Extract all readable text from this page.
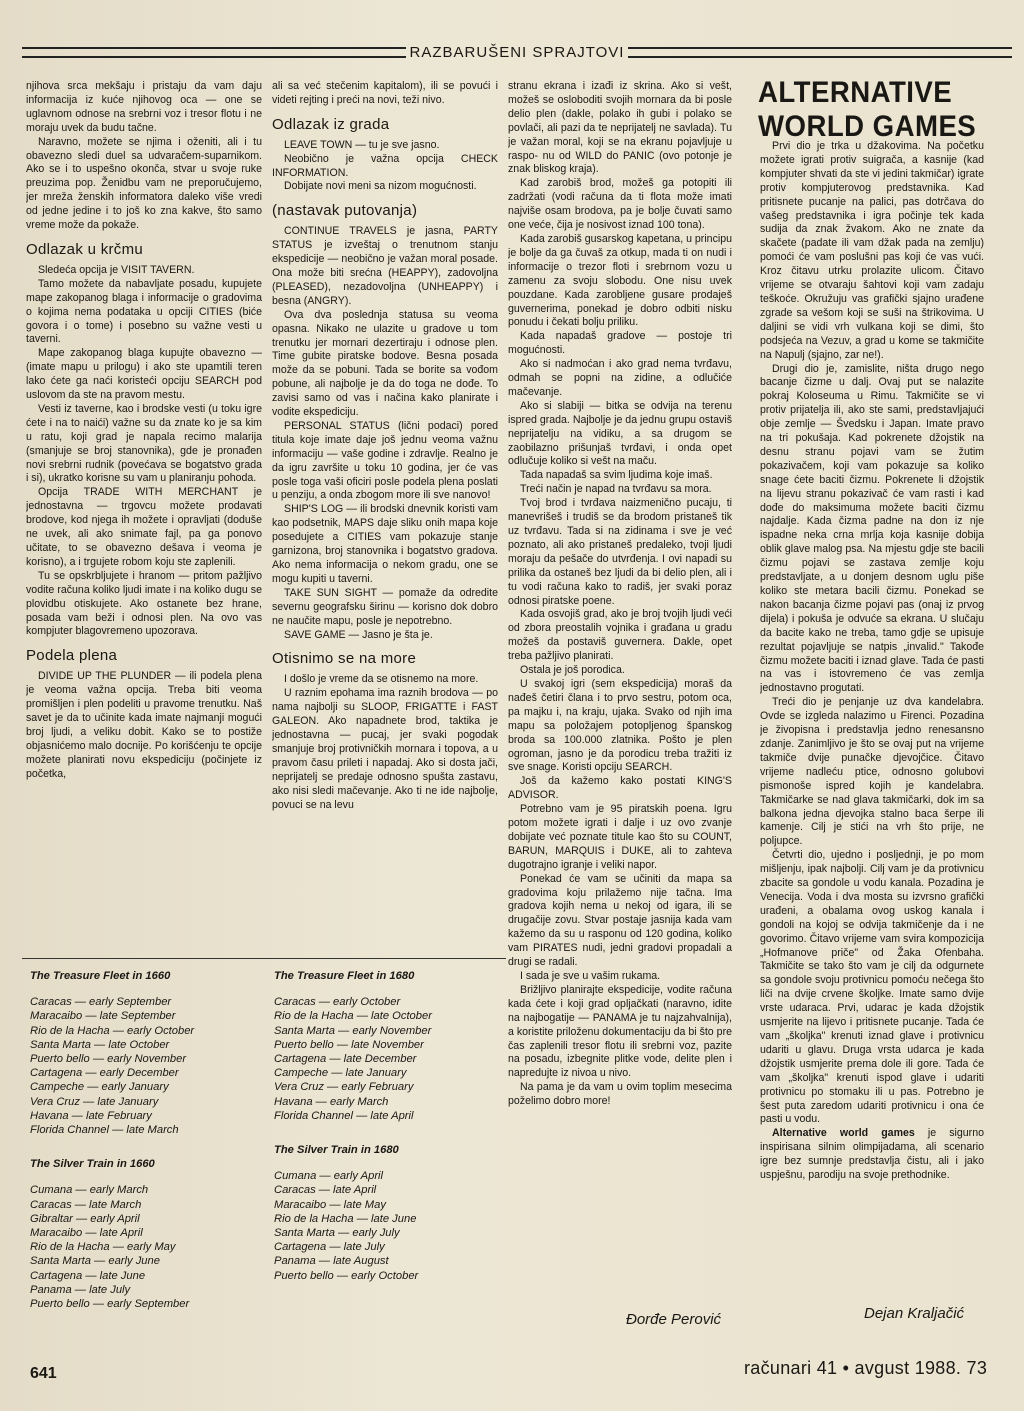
RAZBARUŠENI SPRAJTOVI

njihova srca mekšaju i pristaju da vam daju informacija iz kuće njihovog oca — one se uglavnom odnose na srebrni voz i tresor flotu i ne moraju uvek da budu tačne.

Naravno, možete se njima i oženiti, ali i tu obavezno sledi duel sa udvaračem-suparnikom. Ako se i to uspešno okonča, stvar u svoje ruke preuzima pop. Ženidbu vam ne preporučujemo, jer mreža ženskih informatora daleko više vredi od jedne jedine i to još ko zna kakve, što samo vreme može da pokaže.

Odlazak u krčmu

Sledeća opcija je VISIT TAVERN.

Tamo možete da nabavljate posadu, kupujete mape zakopanog blaga i informacije o gradovima o kojima nema podataka u opciji CITIES (biće govora i o tome) i posebno su važne vesti u taverni.

Mape zakopanog blaga kupujte obavezno — (imate mapu u prilogu) i ako ste upamtili teren lako ćete ga naći koristeći opciju SEARCH pod uslovom da ste na pravom mestu.

Vesti iz taverne, kao i brodske vesti (u toku igre ćete i na to naići) važne su da znate ko je sa kim u ratu, koji grad je napala recimo malarija (smanjuje se broj stanovnika), gde je pronađen novi srebrni rudnik (povećava se bogatstvo grada i si), ukratko korisne su vam u planiranju pohoda.

Opcija TRADE WITH MERCHANT je jednostavna — trgovcu možete prodavati brodove, kod njega ih možete i opravljati (doduše ne uvek, ali ako snimate fajl, pa ga ponovo učitate, to se obavezno dešava i veoma je korisno), a i trgujete robom koju ste zaplenili.

Tu se opskrbljujete i hranom — pritom pažljivo vodite računa koliko ljudi imate i na koliko dugu se plovidbu otiskujete. Ako ostanete bez hrane, posada vam beži i odnosi plen. Na ovo vas kompjuter blagovremeno upozorava.

Podela plena

DIVIDE UP THE PLUNDER — ili podela plena je veoma važna opcija. Treba biti veoma promišljen i plen podeliti u pravome trenutku. Naš savet je da to učinite kada imate najmanji mogući broj ljudi, a veliku dobit. Kako se to postiže objasnićemo malo docnije. Po korišćenju te opcije možete planirati novu ekspediciju (počinjete iz početka,

ali sa već stečenim kapitalom), ili se povući i videti rejting i preći na novi, teži nivo.

Odlazak iz grada

LEAVE TOWN — tu je sve jasno.

Neobično je važna opcija CHECK INFORMATION.

Dobijate novi meni sa nizom mogućnosti.

(nastavak putovanja)

CONTINUE TRAVELS je jasna, PARTY STATUS je izveštaj o trenutnom stanju ekspedicije — neobično je važan moral posade. Ona može biti srećna (HEAPPY), zadovoljna (PLEASED), nezadovoljna (UNHEAPPY) i besna (ANGRY).

Ova dva poslednja statusa su veoma opasna. Nikako ne ulazite u gradove u tom trenutku jer mornari dezertiraju i odnose plen. Time gubite piratske bodove. Besna posada može da se pobuni. Tada se borite sa vođom pobune, ali najbolje je da do toga ne dođe. To zavisi samo od vas i načina kako planirate i vodite ekspediciju.

PERSONAL STATUS (lični podaci) pored titula koje imate daje još jednu veoma važnu informaciju — vaše godine i zdravlje. Realno je da igru završite u toku 10 godina, jer će vas posle toga vaši oficiri posle podela plena poslati u penziju, a onda zbogom more ili sve nanovo!

SHIP'S LOG — ili brodski dnevnik koristi vam kao podsetnik, MAPS daje sliku onih mapa koje posedujete a CITIES vam pokazuje stanje garnizona, broj stanovnika i bogatstvo gradova. Ako nema informacija o nekom gradu, one se mogu kupiti u taverni.

TAKE SUN SIGHT — pomaže da odredite severnu geografsku širinu — korisno dok dobro ne naučite mapu, posle je nepotrebno.

SAVE GAME — Jasno je šta je.

Otisnimo se na more

I došlo je vreme da se otisnemo na more.

U raznim epohama ima raznih brodova — po nama najbolji su SLOOP, FRIGATTE i FAST GALEON. Ako napadnete brod, taktika je jednostavna — pucaj, jer svaki pogodak smanjuje broj protivničkih mornara i topova, a u pravom času prileti i napadaj. Ako si dosta jači, neprijatelj se predaje odnosno spušta zastavu, ako nisi sledi mačevanje. Ako ti ne ide najbolje, povuci se na levu

stranu ekrana i izađi iz skrina. Ako si vešt, možeš se osloboditi svojih mornara da bi posle delio plen (dakle, polako ih gubi i polako se povlači, ali pazi da te neprijatelj ne savlada). Tu je važan moral, koji se na ekranu pojavljuje u raspo- nu od WILD do PANIC (ovo potonje je znak bliskog kraja).

Kad zarobiš brod, možeš ga potopiti ili zadržati (vodi računa da ti flota može imati najviše osam brodova, pa je bolje čuvati samo one veće, čija je nosivost iznad 100 tona).

Kada zarobiš gusarskog kapetana, u principu je bolje da ga čuvaš za otkup, mada ti on nudi i informacije o trezor floti i srebrnom vozu u zamenu za svoju slobodu. One nisu uvek pouzdane. Kada zarobljene gusare prodaješ guvernerima, ponekad je dobro odbiti nisku ponudu i čekati bolju priliku.

Kada napadaš gradove — postoje tri mogućnosti.

Ako si nadmoćan i ako grad nema tvrđavu, odmah se popni na zidine, a odlučiće mačevanje.

Ako si slabiji — bitka se odvija na terenu ispred grada. Najbolje je da jednu grupu ostaviš neprijatelju na vidiku, a sa drugom se zaobilazno prišunjaš tvrđavi, i onda opet odlučuje koliko si vešt na maču.

Tada napadaš sa svim ljudima koje imaš.

Treći način je napad na tvrđavu sa mora.

Tvoj brod i tvrđava naizmenično pucaju, ti manevrišeš i trudiš se da brodom pristaneš tik uz tvrđavu. Tada si na zidinama i sve je već poznato, ali ako pristaneš predaleko, tvoji ljudi moraju da pešače do utvrđenja. I ovi napadi su prilika da ostaneš bez ljudi da bi delio plen, ali i tu vodi računa kako to radiš, jer svaki poraz odnosi piratske poene.

Kada osvojiš grad, ako je broj tvojih ljudi veći od zbora preostalih vojnika i građana u gradu možeš da postaviš guvernera. Dakle, opet treba pažljivo planirati.

Ostala je još porodica.

U svakoj igri (sem ekspedicija) moraš da nađeš četiri člana i to prvo sestru, potom oca, pa majku i, na kraju, ujaka. Svako od njih ima mapu sa položajem potopljenog španskog broda sa 100.000 zlatnika. Pošto je plen ogroman, jasno je da porodicu treba tražiti iz sve snage. Koristi opciju SEARCH.

Još da kažemo kako postati KING'S ADVISOR.

Potrebno vam je 95 piratskih poena. Igru potom možete igrati i dalje i uz ovo zvanje dobijate već poznate titule kao što su COUNT, BARUN, MARQUIS i DUKE, ali to zahteva dugotrajno igranje i veliki napor.

Ponekad će vam se učiniti da mapa sa gradovima koju prilažemo nije tačna. Ima gradova kojih nema u nekoj od igara, ili se drugačije zovu. Stvar postaje jasnija kada vam kažemo da su u rasponu od 120 godina, koliko vam PIRATES nudi, jedni gradovi propadali a drugi se radali.

I sada je sve u vašim rukama.

Brižljivo planirajte ekspedicije, vodite računa kada ćete i koji grad opljačkati (naravno, idite na najbogatije — PANAMA je tu najzahvalnija), a koristite priloženu dokumentaciju da bi što pre čas zaplenili tresor flotu ili srebrni voz, pazite na posadu, izbegnite plitke vode, delite plen i napredujte iz nivoa u nivo.

Na pama je da vam u ovim toplim mesecima poželimo dobro more!

ALTERNATIVE WORLD GAMES

Prvi dio je trka u džakovima. Na početku možete igrati protiv suigrača, a kasnije (kad kompjuter shvati da ste vi jedini takmičar) igrate protiv kompjuterovog predstavnika. Kad pritisnete pucanje na palici, pas dotrčava do vašeg predstavnika i igra počinje tek kada sudija da znak žvakom. Ako ne znate da skačete (padate ili vam džak pada na zemlju) pomoći će vam poslušni pas koji će vas vući. Kroz čitavu utrku prolazite ulicom. Čitavo vrijeme se otvaraju šahtovi koji vam zadaju teškoće. Okružuju vas grafički sjajno urađene zgrade sa vešom koji se suši na štrikovima. U daljini se vidi vrh vulkana koji se dimi, što podsjeća na Vezuv, a grad u kome se takmičite na Napulj (sjajno, zar ne!).

Drugi dio je, zamislite, ništa drugo nego bacanje čizme u dalj. Ovaj put se nalazite pokraj Koloseuma u Rimu. Takmičite se vi protiv prijatelja ili, ako ste sami, predstavljajući obje zemlje — Švedsku i Japan. Imate pravo na tri pokušaja. Kad pokrenete džojstik na desnu stranu pojavi vam se žutim pokazivačem, koji vam pokazuje sa koliko snage ćete baciti čizmu. Pokrenete li džojstik na lijevu stranu pokazivač će vam rasti i kad dođe do maksimuma možete baciti čizmu najdalje. Kada čizma padne na don iz nje ispadne neka crna mrlja koja kasnije dobija oblik glave malog psa. Na mjestu gdje ste bacili čizmu pojavi se zastava zemlje koju predstavljate, a u donjem desnom uglu piše koliko ste metara bacili čizmu. Ponekad se nakon bacanja čizme pojavi pas (onaj iz prvog dijela) i pokuša je odvuće sa ekrana. U slučaju da bacite kako ne treba, tamo gdje se upisuje rezultat pojavljuje se natpis „invalid." Takođe čizmu možete baciti i iznad glave. Tada će pasti na vas i istovremeno će vas zemlja jednostavno progutati.

Treći dio je penjanje uz dva kandelabra. Ovde se izgleda nalazimo u Firenci. Pozadina je živopisna i predstavlja jedno renesansno zdanje. Zanimljivo je što se ovaj put na vrijeme takmiče dvije punačke djevojčice. Čitavo vrijeme nadleću ptice, odnosno golubovi pismonoše ispred kojih je kandelabra. Takmičarke se nad glava takmičarki, dok im sa balkona jedna djevojka stalno baca šerpe ili kamenje. Cilj je stići na vrh što prije, ne poljupce.

Četvrti dio, ujedno i posljednji, je po mom mišljenju, ipak najbolji. Cilj vam je da protivnicu zbacite sa gondole u vodu kanala. Pozadina je Venecija. Voda i dva mosta su izvrsno grafički urađeni, a obalama ovog uskog kanala i gondoli na kojoj se odvija takmičenje da i ne govorimo. Čitavo vrijeme vam svira kompozicija „Hofmanove priče" od Žaka Ofenbaha. Takmičite se tako što vam je cilj da odgurnete sa gondole svoju protivnicu pomoću nečega što liči na dvije crvene školjke. Imate samo dvije vrste udaraca. Prvi, udarac je kada džojstik usmjerite na lijevo i pritisnete pucanje. Tada će vam „školjka" krenuti iznad glave i protivnicu udariti u glavu. Druga vrsta udarca je kada džojstik usmjerite prema dole ili gore. Tada će vam „školjka" krenuti ispod glave i udariti protivnicu po stomaku ili u pas. Potrebno je šest puta zaredom udariti protivnicu i ona će pasti u vodu.

Alternative world games je sigurno inspirisana silnim olimpijadama, ali scenario igre bez sumnje predstavlja čistu, ali i jako uspješnu, parodiju na svoje prethodnike.

The Treasure Fleet in 1660
Caracas — early September
Maracaibo — late September
Rio de la Hacha — early October
Santa Marta — late October
Puerto bello — early November
Cartagena — early December
Campeche — early January
Vera Cruz — late January
Havana — late February
Florida Channel — late March
The Silver Train in 1660
Cumana — early March
Caracas — late March
Gibraltar — early April
Maracaibo — late April
Rio de la Hacha — early May
Santa Marta — early June
Cartagena — late June
Panama — late July
Puerto bello — early September
The Treasure Fleet in 1680
Caracas — early October
Rio de la Hacha — late October
Santa Marta — early November
Puerto bello — late November
Cartagena — late December
Campeche — late January
Vera Cruz — early February
Havana — early March
Florida Channel — late April
The Silver Train in 1680
Cumana — early April
Caracas — late April
Maracaibo — late May
Rio de la Hacha — late June
Santa Marta — early July
Cartagena — late July
Panama — late August
Puerto bello — early October
Đorđe Perović	Dejan Kraljačić
641	računari 41 • avgust 1988. 73
